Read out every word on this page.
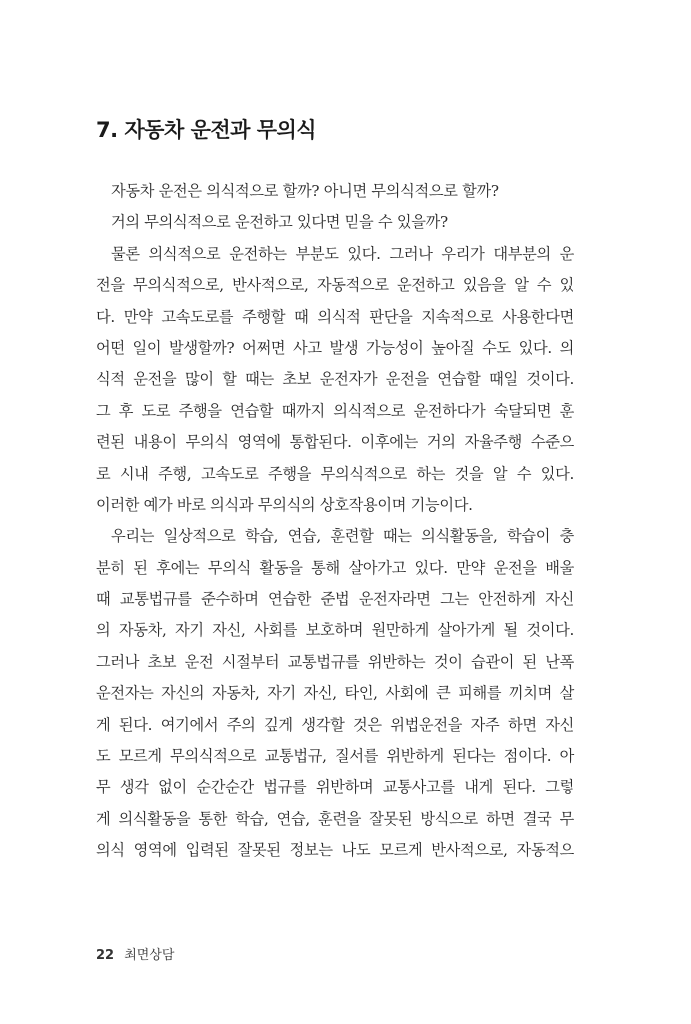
7. 자동차 운전과 무의식
자동차 운전은 의식적으로 할까? 아니면 무의식적으로 할까?
거의 무의식적으로 운전하고 있다면 믿을 수 있을까?
물론 의식적으로 운전하는 부분도 있다. 그러나 우리가 대부분의 운
전을 무의식적으로, 반사적으로, 자동적으로 운전하고 있음을 알 수 있
다. 만약 고속도로를 주행할 때 의식적 판단을 지속적으로 사용한다면
어떤 일이 발생할까? 어쩌면 사고 발생 가능성이 높아질 수도 있다. 의
식적 운전을 많이 할 때는 초보 운전자가 운전을 연습할 때일 것이다.
그 후 도로 주행을 연습할 때까지 의식적으로 운전하다가 숙달되면 훈
련된 내용이 무의식 영역에 통합된다. 이후에는 거의 자율주행 수준으
로 시내 주행, 고속도로 주행을 무의식적으로 하는 것을 알 수 있다.
이러한 예가 바로 의식과 무의식의 상호작용이며 기능이다.
우리는 일상적으로 학습, 연습, 훈련할 때는 의식활동을, 학습이 충
분히 된 후에는 무의식 활동을 통해 살아가고 있다. 만약 운전을 배울
때 교통법규를 준수하며 연습한 준법 운전자라면 그는 안전하게 자신
의 자동차, 자기 자신, 사회를 보호하며 원만하게 살아가게 될 것이다.
그러나 초보 운전 시절부터 교통법규를 위반하는 것이 습관이 된 난폭
운전자는 자신의 자동차, 자기 자신, 타인, 사회에 큰 피해를 끼치며 살
게 된다. 여기에서 주의 깊게 생각할 것은 위법운전을 자주 하면 자신
도 모르게 무의식적으로 교통법규, 질서를 위반하게 된다는 점이다. 아
무 생각 없이 순간순간 법규를 위반하며 교통사고를 내게 된다. 그렇
게 의식활동을 통한 학습, 연습, 훈련을 잘못된 방식으로 하면 결국 무
의식 영역에 입력된 잘못된 정보는 나도 모르게 반사적으로, 자동적으
22 최면상담
